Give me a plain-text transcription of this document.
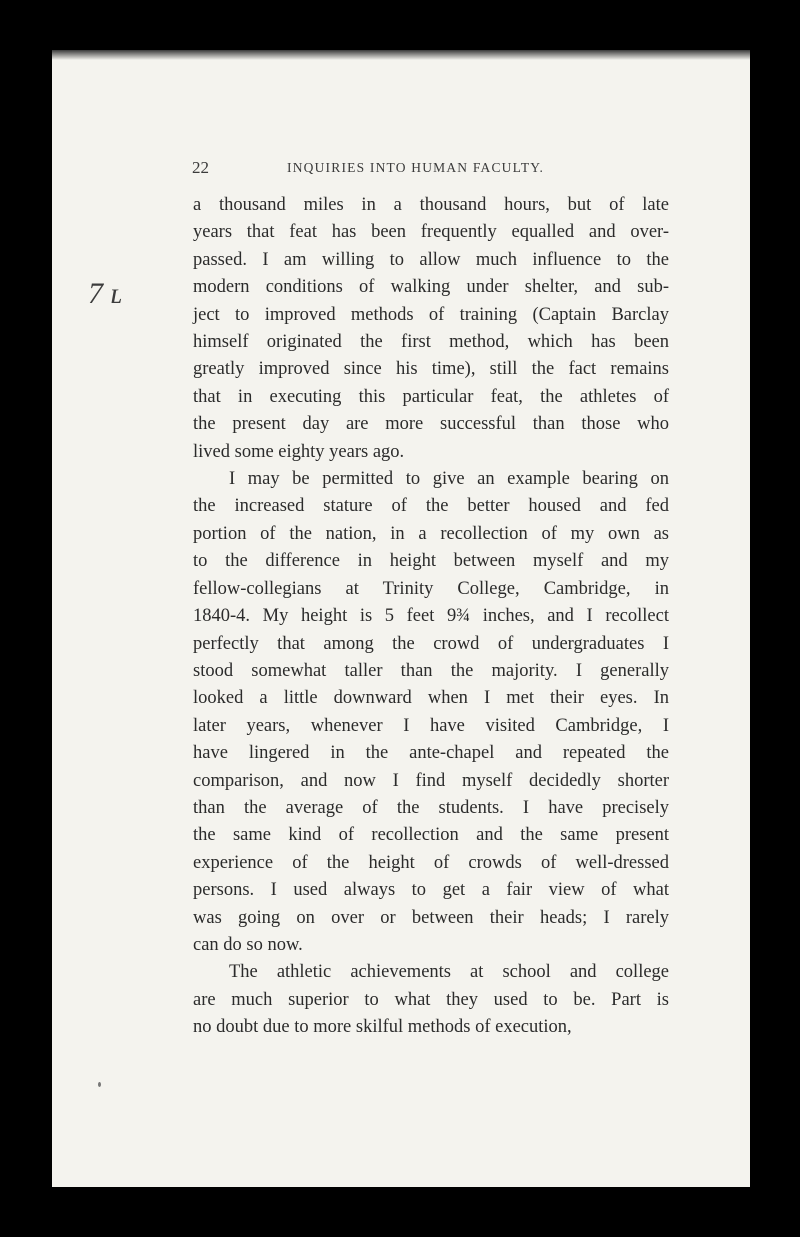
22	INQUIRIES INTO HUMAN FACULTY.
7 ʟ

a thousand miles in a thousand hours, but of late
years that feat has been frequently equalled and over-
passed. I am willing to allow much influence to the
modern conditions of walking under shelter, and sub-
ject to improved methods of training (Captain Barclay
himself originated the first method, which has been
greatly improved since his time), still the fact remains
that in executing this particular feat, the athletes of
the present day are more successful than those who
lived some eighty years ago.

I may be permitted to give an example bearing on
the increased stature of the better housed and fed
portion of the nation, in a recollection of my own as
to the difference in height between myself and my
fellow-collegians at Trinity College, Cambridge, in
1840-4. My height is 5 feet 9¾ inches, and I recollect
perfectly that among the crowd of undergraduates I
stood somewhat taller than the majority. I generally
looked a little downward when I met their eyes. In
later years, whenever I have visited Cambridge, I
have lingered in the ante-chapel and repeated the
comparison, and now I find myself decidedly shorter
than the average of the students. I have precisely
the same kind of recollection and the same present
experience of the height of crowds of well-dressed
persons. I used always to get a fair view of what
was going on over or between their heads; I rarely
can do so now.

The athletic achievements at school and college
are much superior to what they used to be. Part is
no doubt due to more skilful methods of execution,
